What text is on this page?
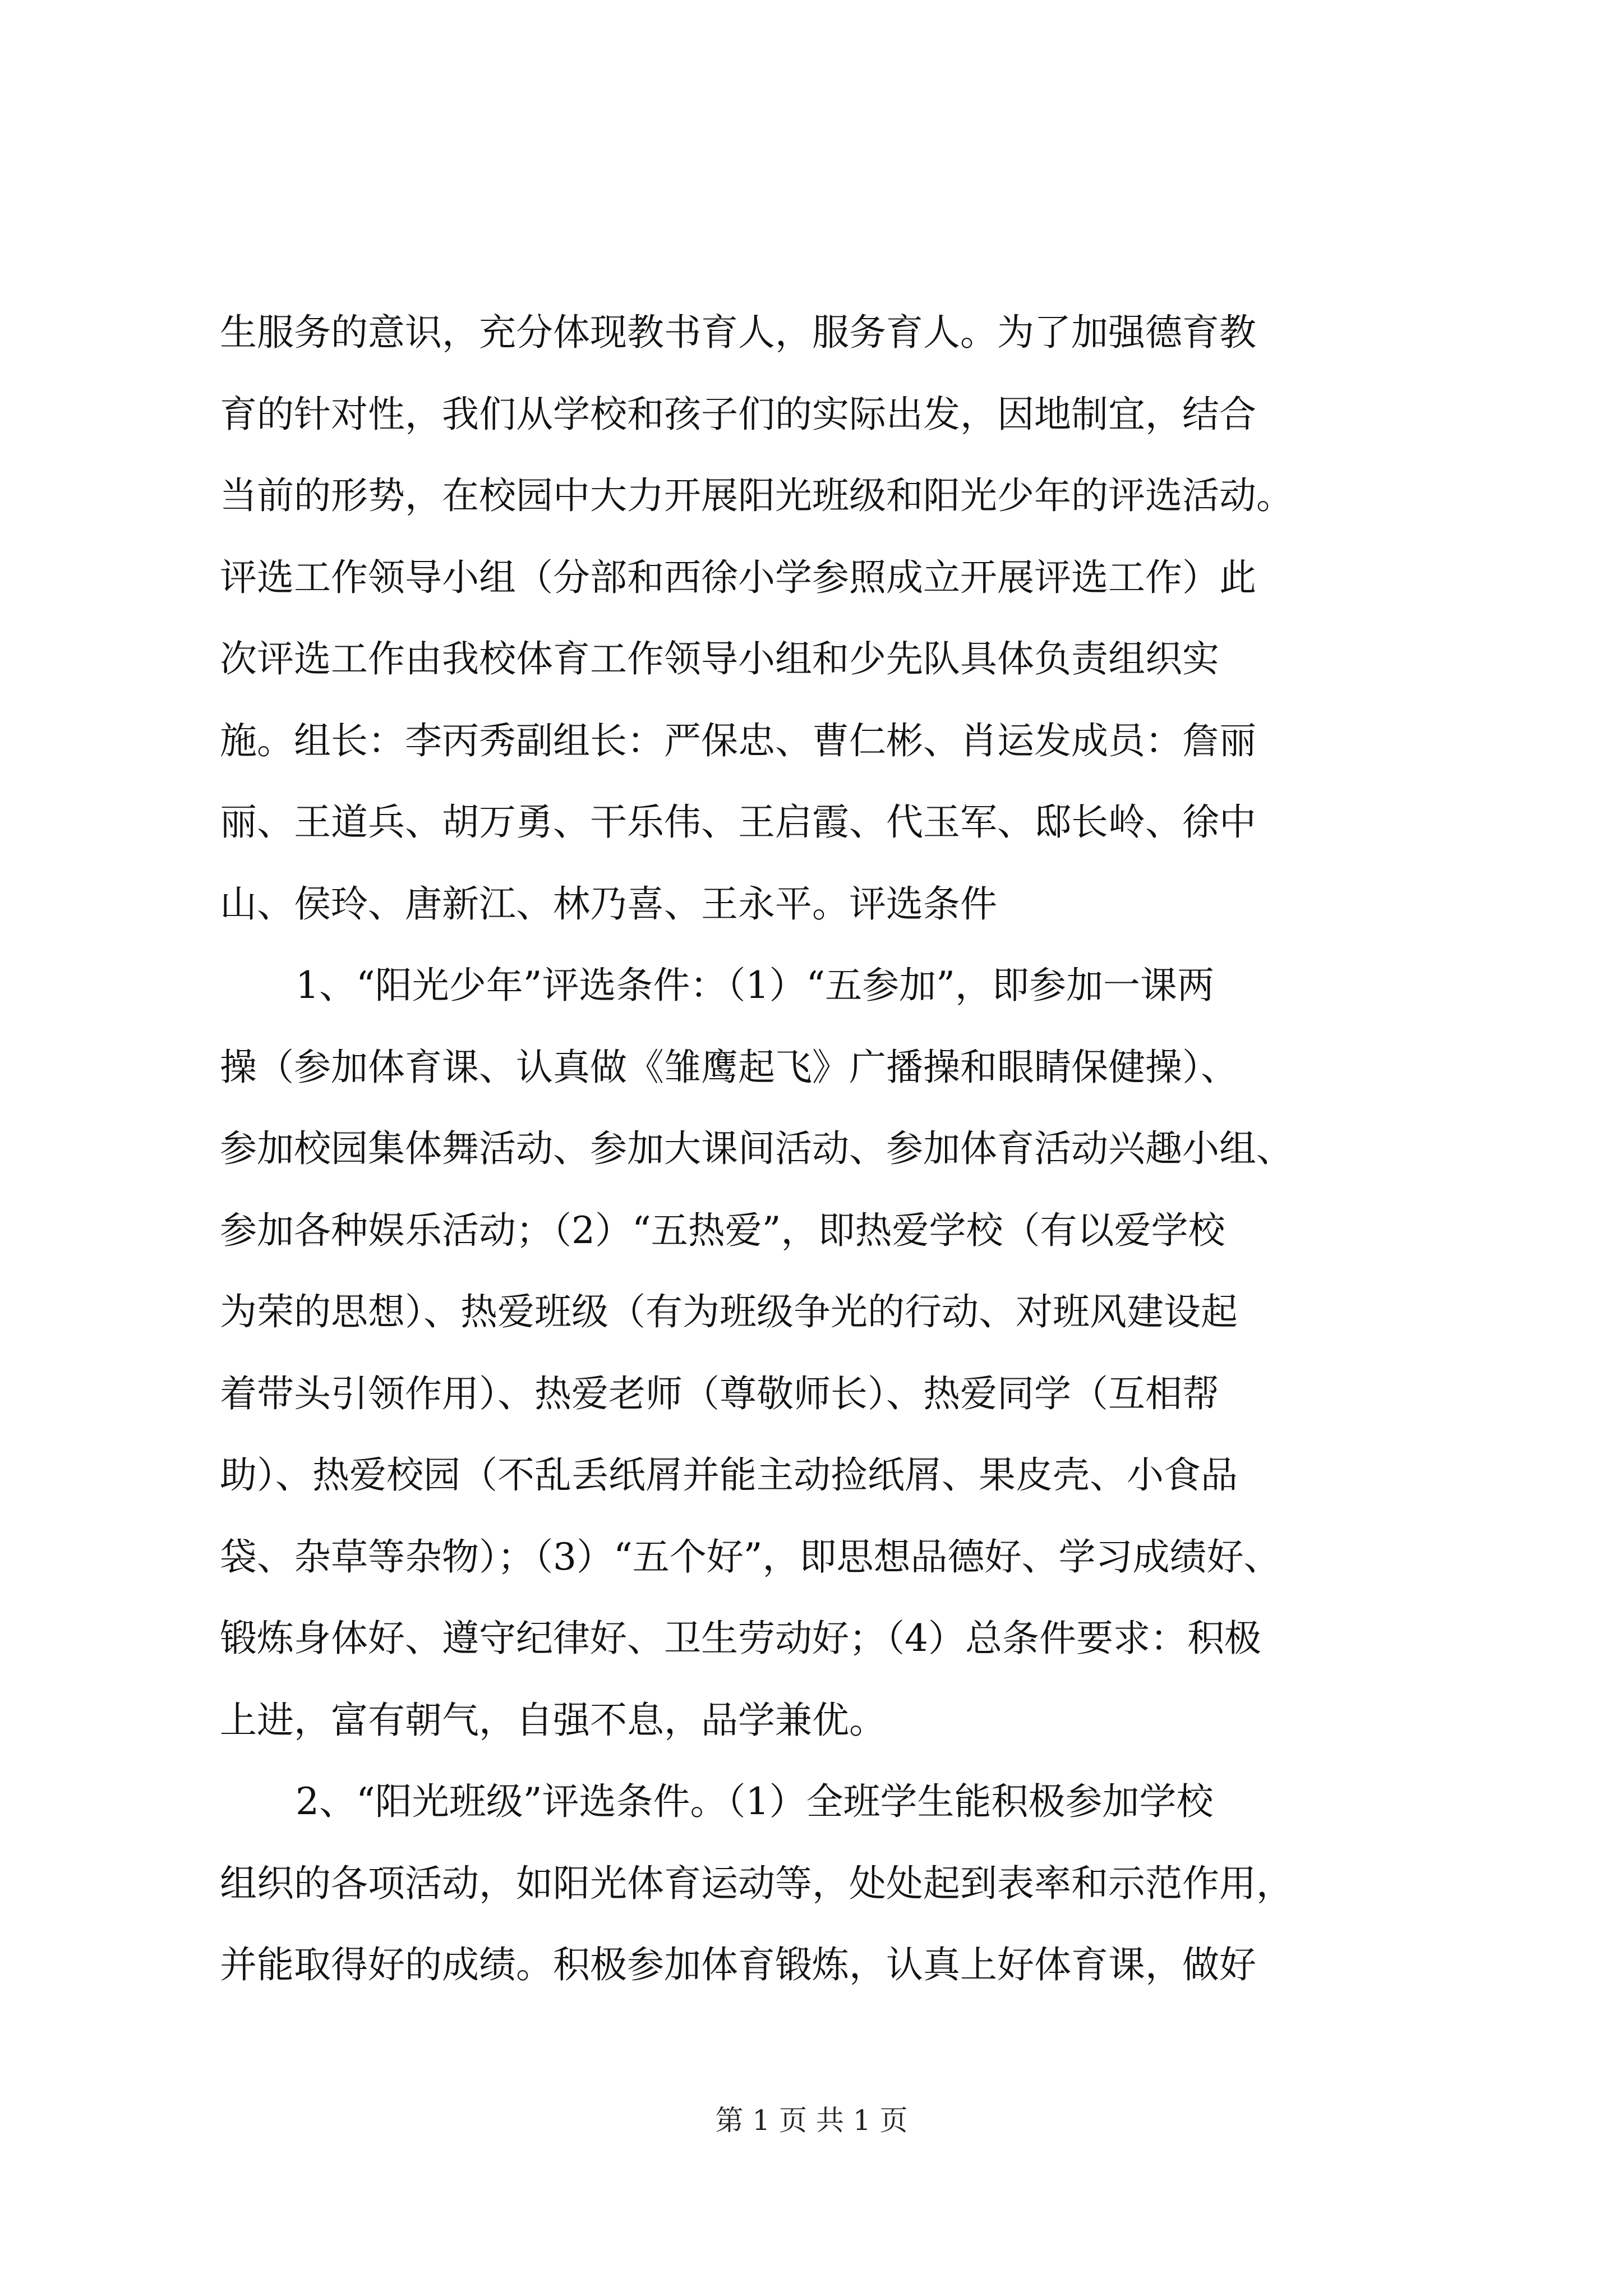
生服务的意识，充分体现教书育人，服务育人。为了加强德育教
育的针对性，我们从学校和孩子们的实际出发，因地制宜，结合
当前的形势，在校园中大力开展阳光班级和阳光少年的评选活动。
评选工作领导小组（分部和西徐小学参照成立开展评选工作）此
次评选工作由我校体育工作领导小组和少先队具体负责组织实
施。组长：李丙秀副组长：严保忠、曹仁彬、肖运发成员：詹丽
丽、王道兵、胡万勇、干乐伟、王启霞、代玉军、邸长岭、徐中
山、侯玲、唐新江、林乃喜、王永平。评选条件
1、“阳光少年”评选条件：（1）“五参加”，即参加一课两
操（参加体育课、认真做《雏鹰起飞》广播操和眼睛保健操）、
参加校园集体舞活动、参加大课间活动、参加体育活动兴趣小组、
参加各种娱乐活动；（2）“五热爱”，即热爱学校（有以爱学校
为荣的思想）、热爱班级（有为班级争光的行动、对班风建设起
着带头引领作用）、热爱老师（尊敬师长）、热爱同学（互相帮
助）、热爱校园（不乱丢纸屑并能主动捡纸屑、果皮壳、小食品
袋、杂草等杂物）；（3）“五个好”，即思想品德好、学习成绩好、
锻炼身体好、遵守纪律好、卫生劳动好；（4）总条件要求：积极
上进，富有朝气，自强不息，品学兼优。
2、“阳光班级”评选条件。（1）全班学生能积极参加学校
组织的各项活动，如阳光体育运动等，处处起到表率和示范作用，
并能取得好的成绩。积极参加体育锻炼，认真上好体育课，做好
第 1 页 共 1 页
